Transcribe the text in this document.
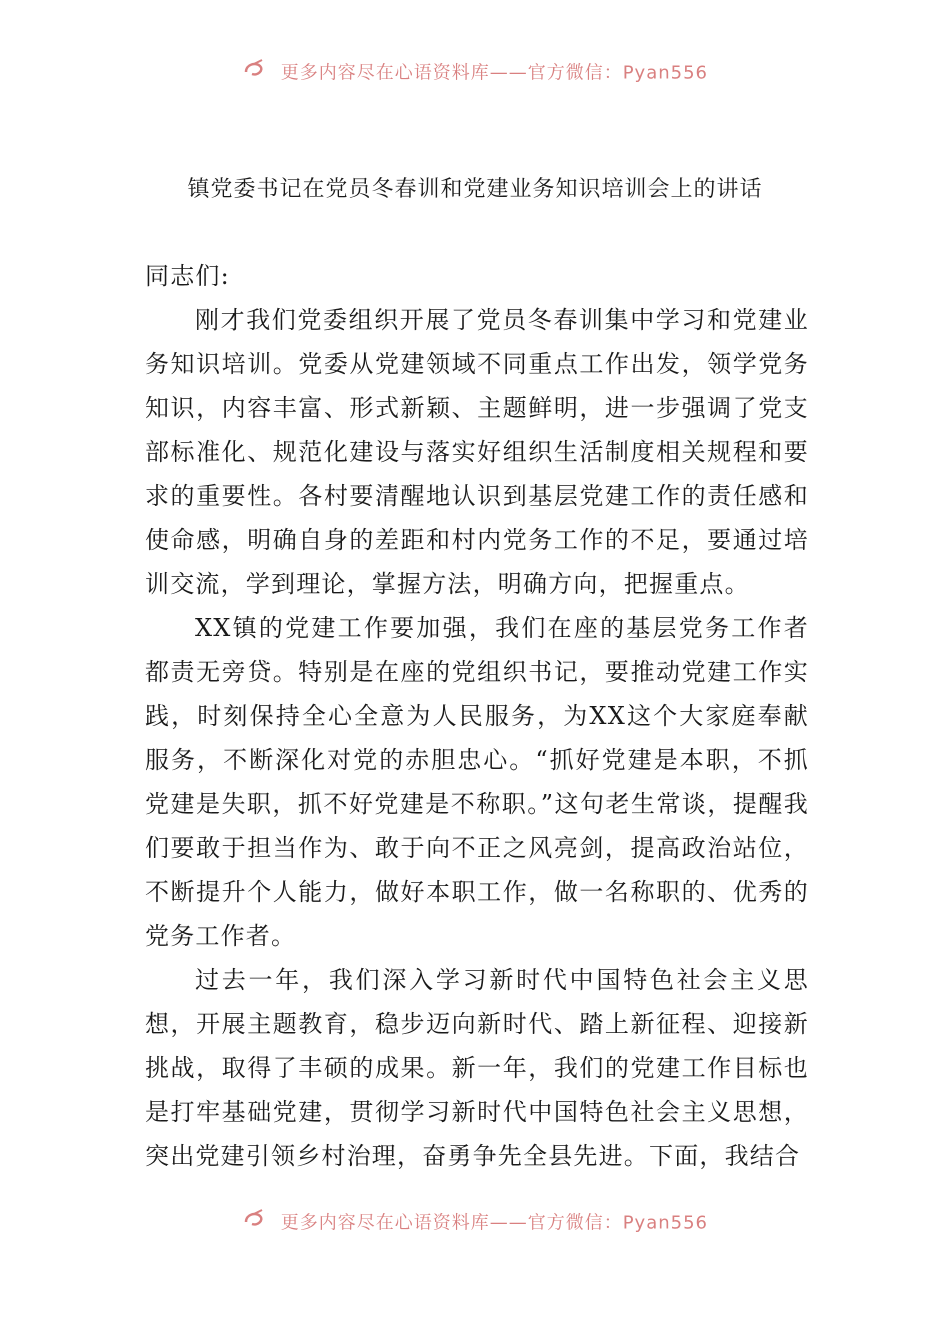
更多内容尽在心语资料库——官方微信：Pyan556
镇党委书记在党员冬春训和党建业务知识培训会上的讲话

同志们:

刚才我们党委组织开展了党员冬春训集中学习和党建业务知识培训。党委从党建领域不同重点工作出发，领学党务知识，内容丰富、形式新颖、主题鲜明，进一步强调了党支部标准化、规范化建设与落实好组织生活制度相关规程和要求的重要性。各村要清醒地认识到基层党建工作的责任感和使命感，明确自身的差距和村内党务工作的不足，要通过培训交流，学到理论，掌握方法，明确方向，把握重点。

XX镇的党建工作要加强，我们在座的基层党务工作者都责无旁贷。特别是在座的党组织书记，要推动党建工作实践，时刻保持全心全意为人民服务，为XX这个大家庭奉献服务，不断深化对党的赤胆忠心。“抓好党建是本职，不抓党建是失职，抓不好党建是不称职。”这句老生常谈，提醒我们要敢于担当作为、敢于向不正之风亮剑，提高政治站位，不断提升个人能力，做好本职工作，做一名称职的、优秀的党务工作者。

过去一年，我们深入学习新时代中国特色社会主义思想，开展主题教育，稳步迈向新时代、踏上新征程、迎接新挑战，取得了丰硕的成果。新一年，我们的党建工作目标也是打牢基础党建，贯彻学习新时代中国特色社会主义思想，突出党建引领乡村治理，奋勇争先全县先进。下面，我结合

更多内容尽在心语资料库——官方微信：Pyan556
